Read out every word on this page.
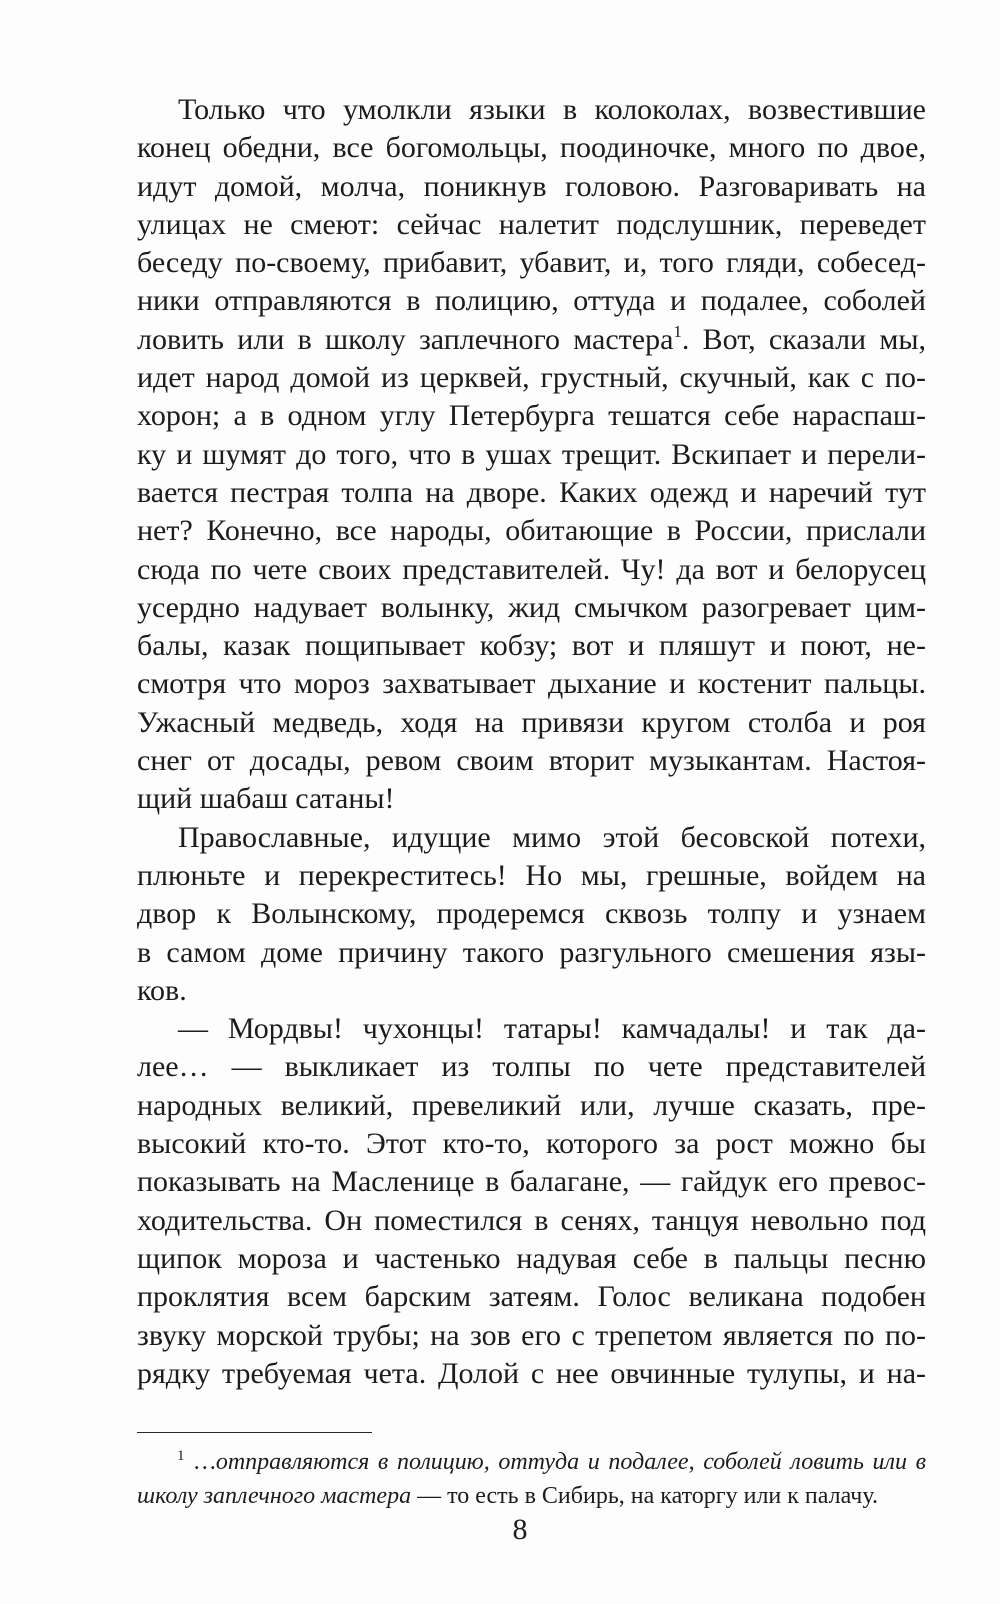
Только что умолкли языки в колоколах, возвестившие
конец обедни, все богомольцы, поодиночке, много по двое,
идут домой, молча, поникнув головою. Разговаривать на
улицах не смеют: сейчас налетит подслушник, переведет
беседу по-своему, прибавит, убавит, и, того гляди, собесед-
ники отправляются в полицию, оттуда и подалее, соболей
ловить или в школу заплечного мастера$^1$. Вот, сказали мы,
идет народ домой из церквей, грустный, скучный, как с по-
хорон; а в одном углу Петербурга тешатся себе нараспаш-
ку и шумят до того, что в ушах трещит. Вскипает и перели-
вается пестрая толпа на дворе. Каких одежд и наречий тут
нет? Конечно, все народы, обитающие в России, прислали
сюда по чете своих представителей. Чу! да вот и белорусец
усердно надувает волынку, жид смычком разогревает цим-
балы, казак пощипывает кобзу; вот и пляшут и поют, не-
смотря что мороз захватывает дыхание и костенит пальцы.
Ужасный медведь, ходя на привязи кругом столба и роя
снег от досады, ревом своим вторит музыкантам. Настоя-
щий шабаш сатаны!
Православные, идущие мимо этой бесовской потехи,
плюньте и перекреститесь! Но мы, грешные, войдем на
двор к Волынскому, продеремся сквозь толпу и узнаем
в самом доме причину такого разгульного смешения язы-
ков.
— Мордвы! чухонцы! татары! камчадалы! и так да-
лее… — выкликает из толпы по чете представителей
народных великий, превеликий или, лучше сказать, пре-
высокий кто-то. Этот кто-то, которого за рост можно бы
показывать на Масленице в балагане, — гайдук его превос-
ходительства. Он поместился в сенях, танцуя невольно под
щипок мороза и частенько надувая себе в пальцы песню
проклятия всем барским затеям. Голос великана подобен
звуку морской трубы; на зов его с трепетом является по по-
рядку требуемая чета. Долой с нее овчинные тулупы, и на-
$^1$ …отправляются в полицию, оттуда и подалее, соболей ловить или в
школу заплечного мастера — то есть в Сибирь, на каторгу или к палачу.
8
